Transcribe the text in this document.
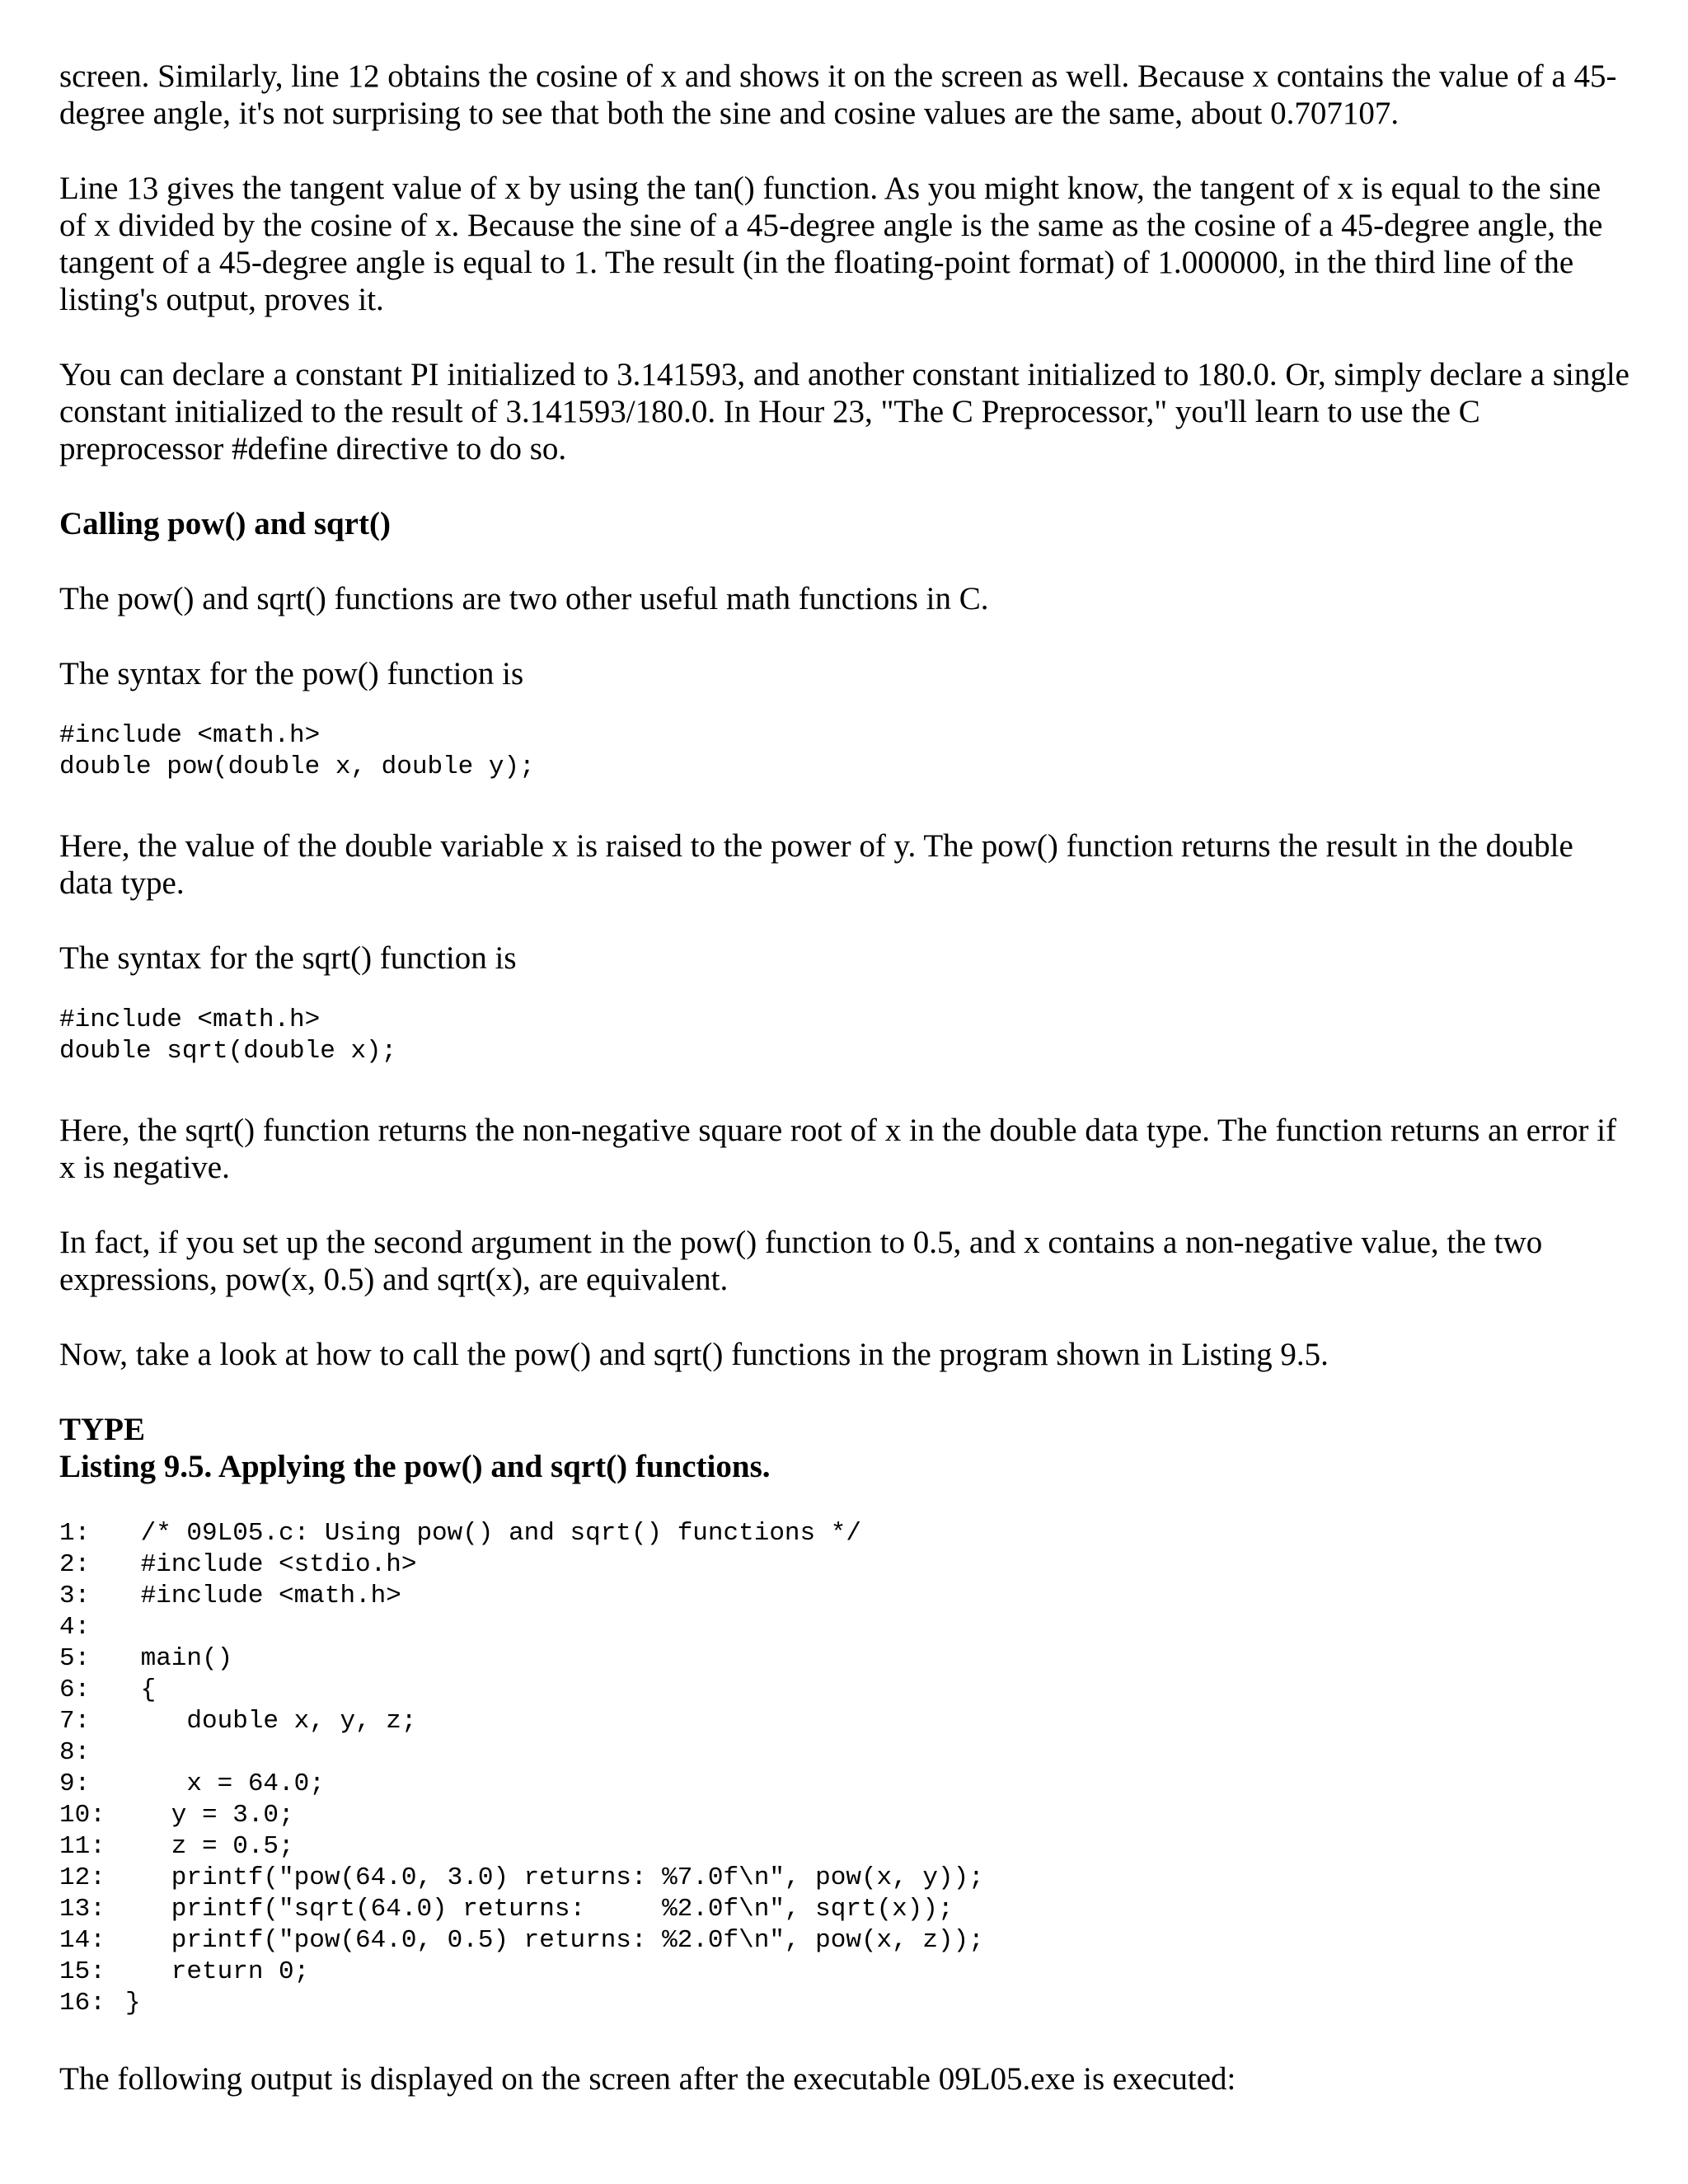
screen. Similarly, line 12 obtains the cosine of x and shows it on the screen as well. Because x contains the value of a 45-degree angle, it's not surprising to see that both the sine and cosine values are the same, about 0.707107.

Line 13 gives the tangent value of x by using the tan() function. As you might know, the tangent of x is equal to the sine of x divided by the cosine of x. Because the sine of a 45-degree angle is the same as the cosine of a 45-degree angle, the tangent of a 45-degree angle is equal to 1. The result (in the floating-point format) of 1.000000, in the third line of the listing's output, proves it.

You can declare a constant PI initialized to 3.141593, and another constant initialized to 180.0. Or, simply declare a single constant initialized to the result of 3.141593/180.0. In Hour 23, "The C Preprocessor," you'll learn to use the C preprocessor #define directive to do so.

Calling pow() and sqrt()

The pow() and sqrt() functions are two other useful math functions in C.

The syntax for the pow() function is

#include <math.h>
double pow(double x, double y);

Here, the value of the double variable x is raised to the power of y. The pow() function returns the result in the double data type.

The syntax for the sqrt() function is

#include <math.h>
double sqrt(double x);

Here, the sqrt() function returns the non-negative square root of x in the double data type. The function returns an error if x is negative.

In fact, if you set up the second argument in the pow() function to 0.5, and x contains a non-negative value, the two expressions, pow(x, 0.5) and sqrt(x), are equivalent.

Now, take a look at how to call the pow() and sqrt() functions in the program shown in Listing 9.5.

TYPE

Listing 9.5. Applying the pow() and sqrt() functions.

1: /* 09L05.c: Using pow() and sqrt() functions */
2: #include <stdio.h>
3: #include <math.h>
4:
5: main()
6: {
7:    double x, y, z;
8:
9:    x = 64.0;
10:   y = 3.0;
11:   z = 0.5;
12:   printf("pow(64.0, 3.0) returns: %7.0f\n", pow(x, y));
13:   printf("sqrt(64.0) returns:     %2.0f\n", sqrt(x));
14:   printf("pow(64.0, 0.5) returns: %2.0f\n", pow(x, z));
15:   return 0;
16: }

The following output is displayed on the screen after the executable 09L05.exe is executed:
